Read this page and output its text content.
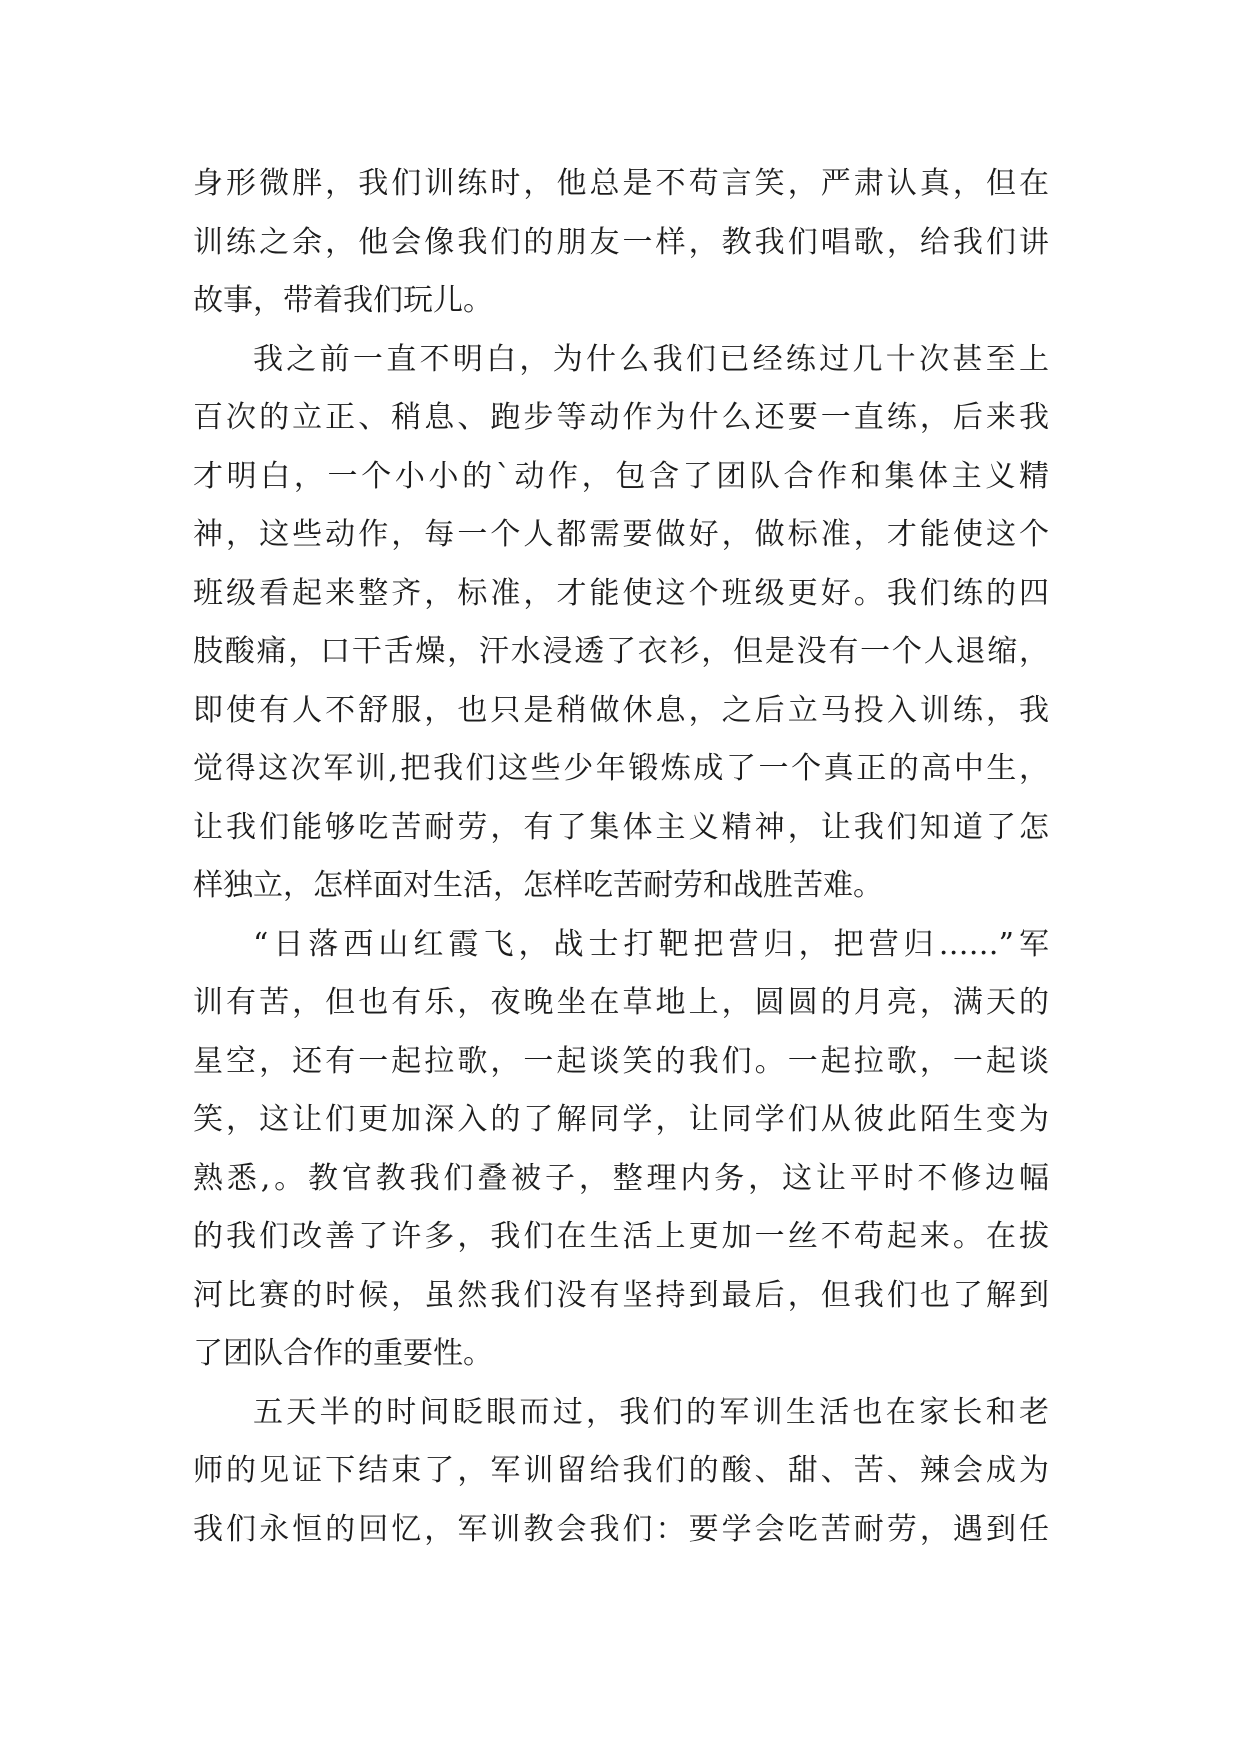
身形微胖，我们训练时，他总是不苟言笑，严肃认真，但在
训练之余，他会像我们的朋友一样，教我们唱歌，给我们讲
故事，带着我们玩儿。
我之前一直不明白，为什么我们已经练过几十次甚至上
百次的立正、稍息、跑步等动作为什么还要一直练，后来我
才明白，一个小小的`动作，包含了团队合作和集体主义精
神，这些动作，每一个人都需要做好，做标准，才能使这个
班级看起来整齐，标准，才能使这个班级更好。我们练的四
肢酸痛，口干舌燥，汗水浸透了衣衫，但是没有一个人退缩，
即使有人不舒服，也只是稍做休息，之后立马投入训练，我
觉得这次军训,把我们这些少年锻炼成了一个真正的高中生，
让我们能够吃苦耐劳，有了集体主义精神，让我们知道了怎
样独立，怎样面对生活，怎样吃苦耐劳和战胜苦难。
“日落西山红霞飞，战士打靶把营归，把营归……”军
训有苦，但也有乐，夜晚坐在草地上，圆圆的月亮，满天的
星空，还有一起拉歌，一起谈笑的我们。一起拉歌，一起谈
笑，这让们更加深入的了解同学，让同学们从彼此陌生变为
熟悉,。教官教我们叠被子，整理内务，这让平时不修边幅
的我们改善了许多，我们在生活上更加一丝不苟起来。在拔
河比赛的时候，虽然我们没有坚持到最后，但我们也了解到
了团队合作的重要性。
五天半的时间眨眼而过，我们的军训生活也在家长和老
师的见证下结束了，军训留给我们的酸、甜、苦、辣会成为
我们永恒的回忆，军训教会我们：要学会吃苦耐劳，遇到任
